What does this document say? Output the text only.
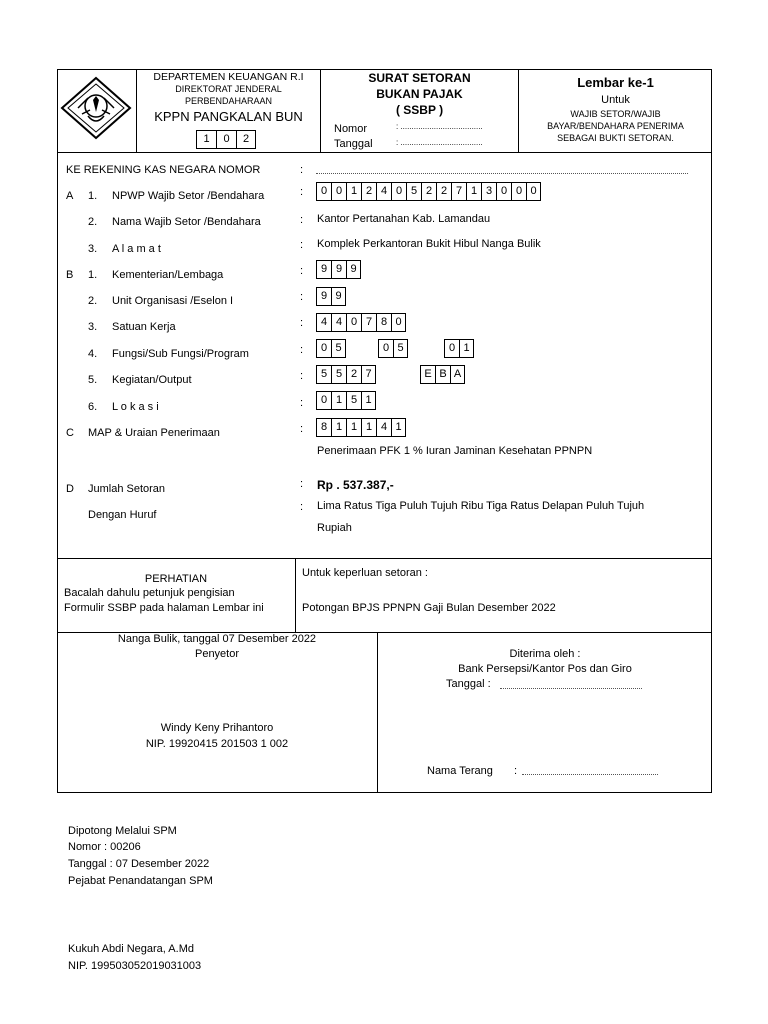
DEPARTEMEN KEUANGAN R.I
DIREKTORAT JENDERAL
PERBENDAHARAAN
KPPN PANGKALAN BUN
1	0	2
SURAT SETORAN
BUKAN PAJAK
( SSBP )
Nomor
Tanggal
: .....................................
: .....................................
Lembar ke-1
Untuk
WAJIB SETOR/WAJIB
BAYAR/BENDAHARA PENERIMA
SEBAGAI BUKTI SETORAN.
KE REKENING KAS NEGARA NOMOR	:
A 1. NPWP Wajib Setor /Bendahara	:	0 0 1 2 4 0 5 2 2 7 1 3 0 0 0
2. Nama Wajib Setor /Bendahara	: Kantor Pertanahan Kab. Lamandau
3. A l a m a t	: Komplek Perkantoran Bukit Hibul Nanga Bulik
B 1. Kementerian/Lembaga	:	9 9 9
2. Unit Organisasi /Eselon I	:	9 9
3. Satuan Kerja	:	4 4 0 7 8 0
4. Fungsi/Sub Fungsi/Program	:	0 5	0 5	0 1
5. Kegiatan/Output	:	5 5 2 7	E B A
6. L o k a s i	:	0 1 5 1
C MAP & Uraian Penerimaan	:	8 1 1 1 4 1
Penerimaan PFK 1 % Iuran Jaminan Kesehatan PPNPN
D Jumlah Setoran	: Rp . 537.387,-
Dengan Huruf
: Lima Ratus Tiga Puluh Tujuh Ribu Tiga Ratus Delapan Puluh Tujuh
Rupiah
PERHATIAN
Bacalah dahulu petunjuk pengisian
Formulir SSBP pada halaman Lembar ini
Untuk keperluan setoran :
Potongan BPJS PPNPN Gaji Bulan Desember 2022
Nanga Bulik, tanggal 07 Desember 2022
Penyetor
Windy Keny Prihantoro
NIP. 19920415 201503 1 002
Diterima oleh :
Bank Persepsi/Kantor Pos dan Giro
Tanggal :
Nama Terang :
Dipotong Melalui SPM
Nomor : 00206
Tanggal : 07 Desember 2022
Pejabat Penandatangan SPM
Kukuh Abdi Negara, A.Md
NIP. 199503052019031003
